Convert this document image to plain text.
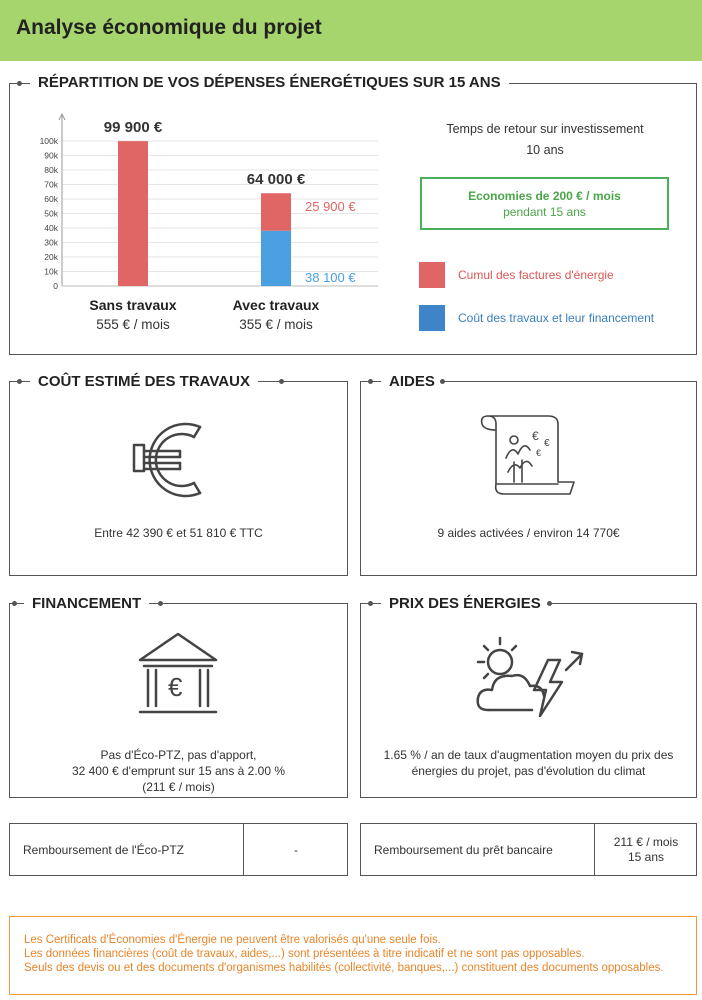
Analyse économique du projet
RÉPARTITION DE VOS DÉPENSES ÉNERGÉTIQUES SUR 15 ANS
0
10k
20k
30k
40k
50k
60k
70k
80k
90k
100k
99 900 €
Sans travaux
555 € / mois
38 100 €
25 900 €
64 000 €
Avec travaux
355 € / mois
Temps de retour sur investissement
10 ans
Economies de 200 € / mois
pendant 15 ans
Cumul des factures d'énergie
Coût des travaux et leur financement
COÛT ESTIMÉ DES TRAVAUX
Entre 42 390 € et 51 810 € TTC
AIDES
€
€
€
9 aides activées / environ 14 770€
FINANCEMENT
€
Pas d'Éco-PTZ, pas d'apport,
32 400 € d'emprunt sur 15 ans à 2.00 %
(211 € / mois)
PRIX DES ÉNERGIES
1.65 % / an de taux d'augmentation moyen du prix des
énergies du projet, pas d'évolution du climat
Remboursement de l'Éco-PTZ	-	Remboursement du prêt bancaire
211 € / mois
15 ans
Les Certificats d'Économies d'Énergie ne peuvent être valorisés qu'une seule fois.
Les données financières (coût de travaux, aides,...) sont présentées à titre indicatif et ne sont pas opposables.
Seuls des devis ou et des documents d'organismes habilités (collectivité, banques,...) constituent des documents opposables.
